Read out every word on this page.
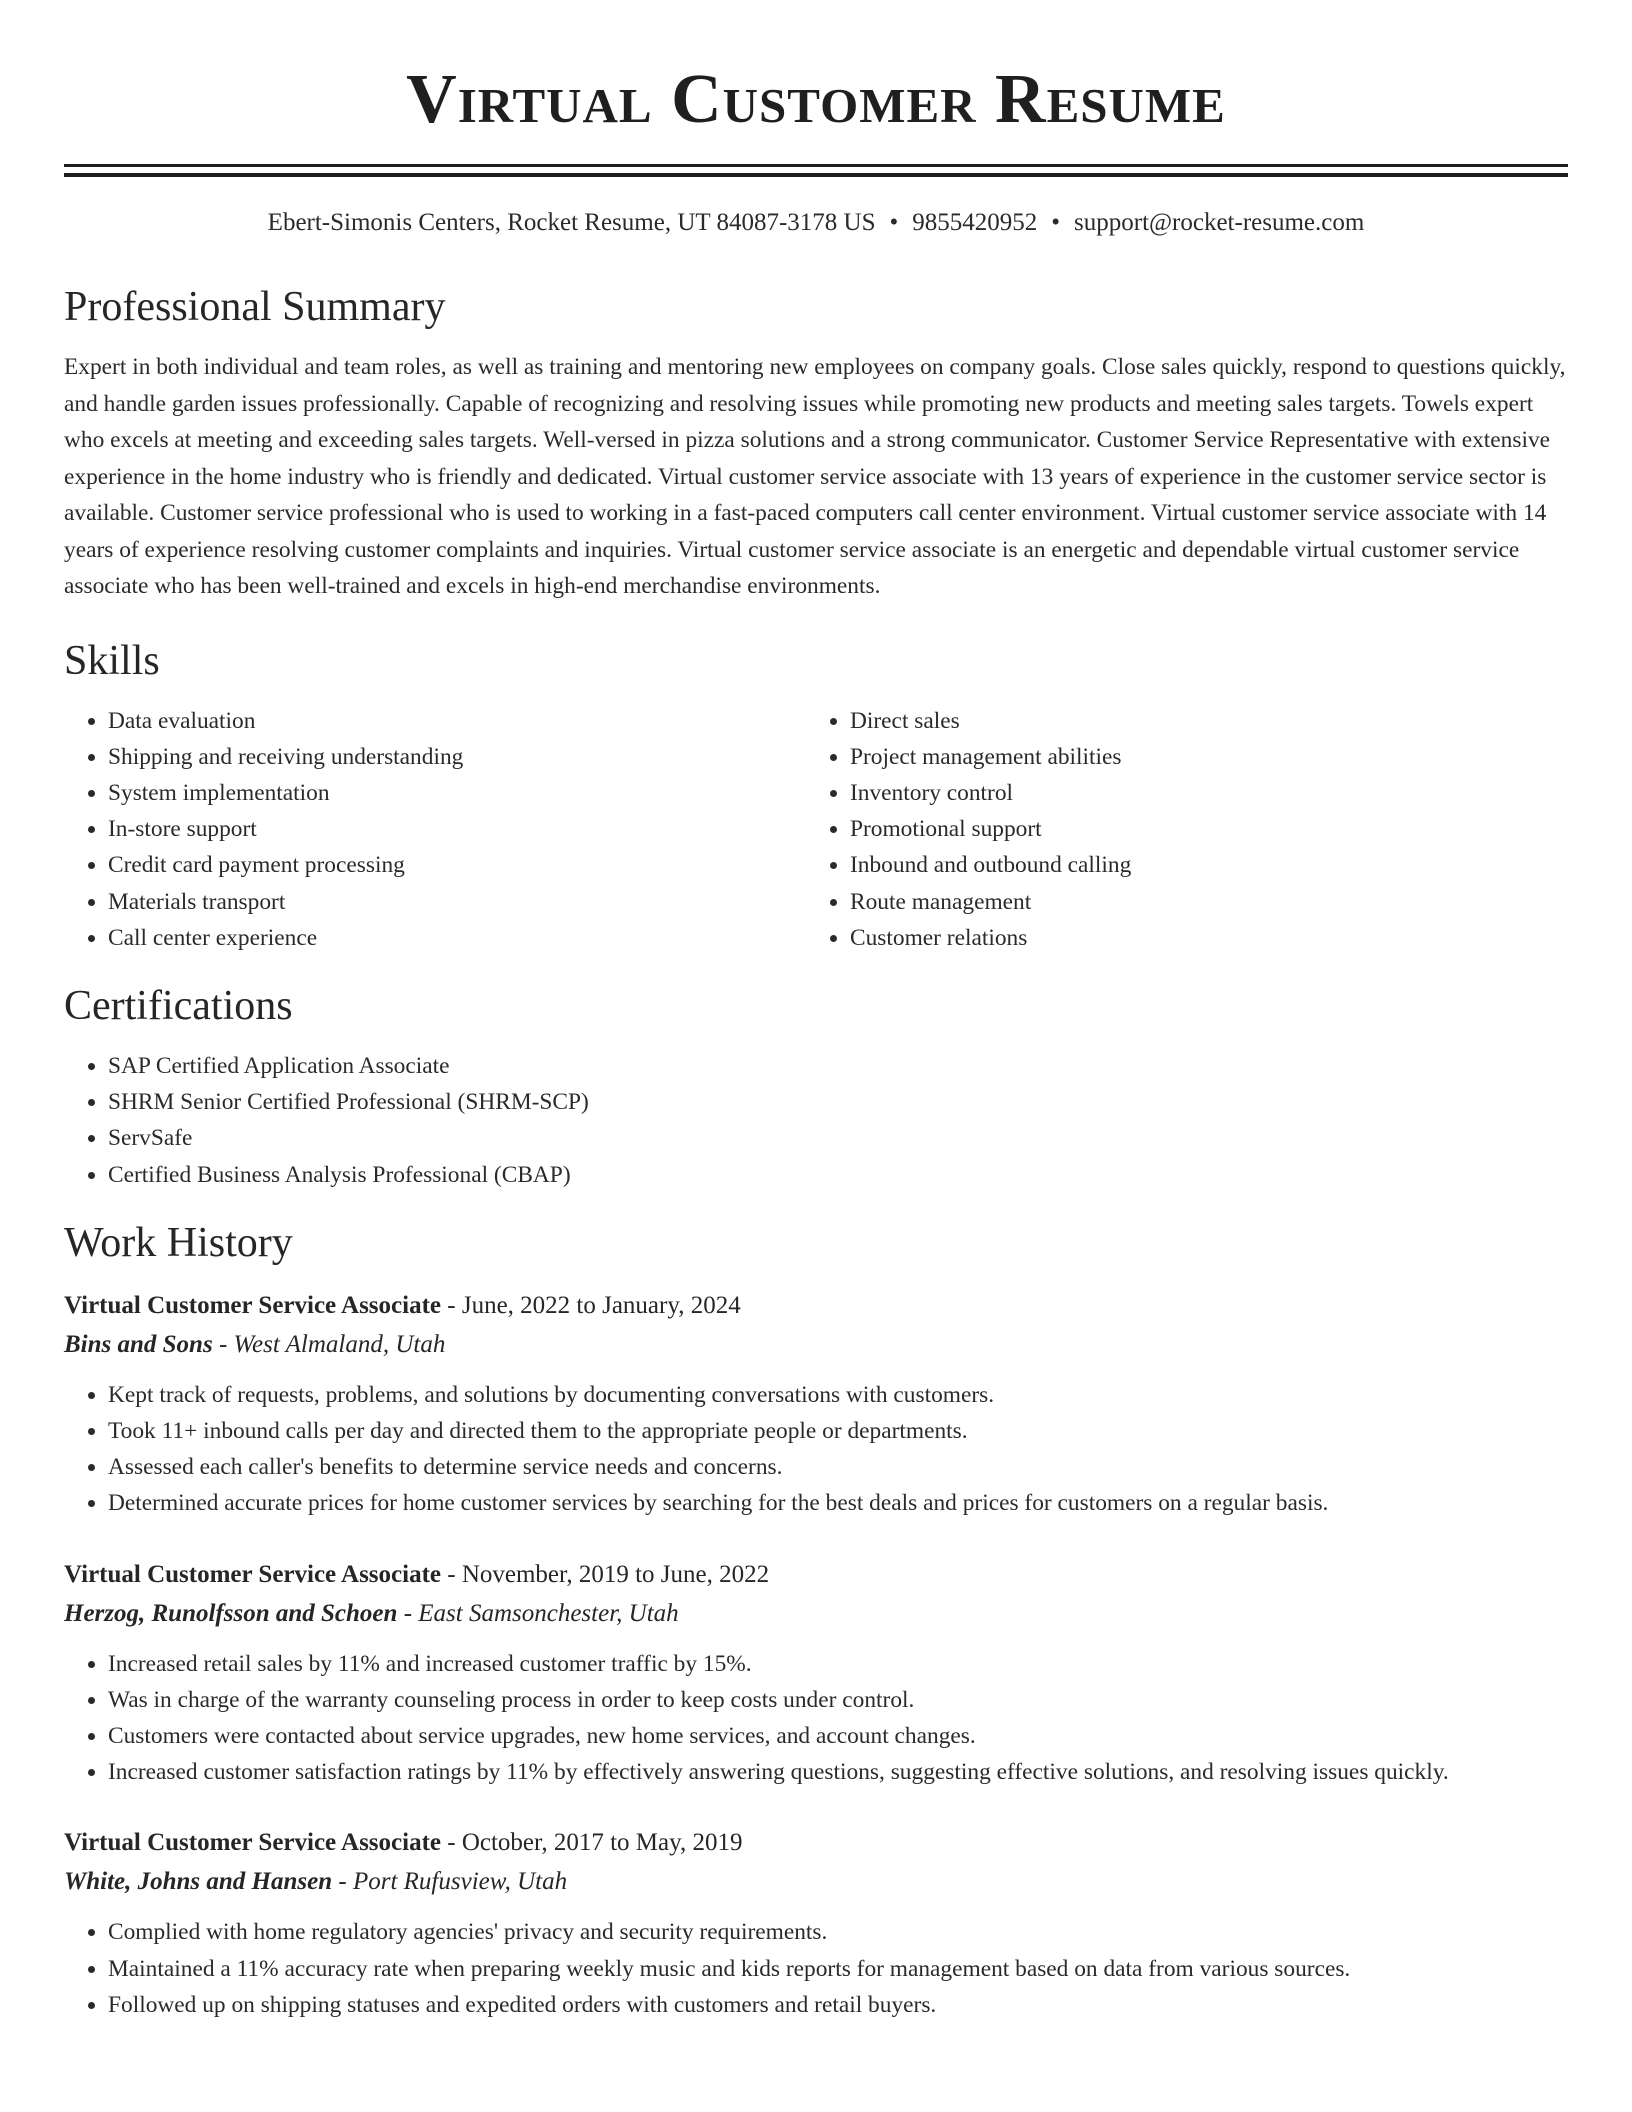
Virtual Customer Resume
Ebert-Simonis Centers, Rocket Resume, UT 84087-3178 US • 9855420952 • support@rocket-resume.com
Professional Summary

Expert in both individual and team roles, as well as training and mentoring new employees on company goals. Close sales quickly, respond to questions quickly, and handle garden issues professionally. Capable of recognizing and resolving issues while promoting new products and meeting sales targets. Towels expert who excels at meeting and exceeding sales targets. Well-versed in pizza solutions and a strong communicator. Customer Service Representative with extensive experience in the home industry who is friendly and dedicated. Virtual customer service associate with 13 years of experience in the customer service sector is available. Customer service professional who is used to working in a fast-paced computers call center environment. Virtual customer service associate with 14 years of experience resolving customer complaints and inquiries. Virtual customer service associate is an energetic and dependable virtual customer service associate who has been well-trained and excels in high-end merchandise environments.

Skills
• Data evaluation
• Shipping and receiving understanding
• System implementation
• In-store support
• Credit card payment processing
• Materials transport
• Call center experience
• Direct sales
• Project management abilities
• Inventory control
• Promotional support
• Inbound and outbound calling
• Route management
• Customer relations
Certifications
• SAP Certified Application Associate
• SHRM Senior Certified Professional (SHRM-SCP)
• ServSafe
• Certified Business Analysis Professional (CBAP)
Work History
Virtual Customer Service Associate - June, 2022 to January, 2024
Bins and Sons - West Almaland, Utah
• Kept track of requests, problems, and solutions by documenting conversations with customers.
• Took 11+ inbound calls per day and directed them to the appropriate people or departments.
• Assessed each caller's benefits to determine service needs and concerns.
• Determined accurate prices for home customer services by searching for the best deals and prices for customers on a regular basis.
Virtual Customer Service Associate - November, 2019 to June, 2022
Herzog, Runolfsson and Schoen - East Samsonchester, Utah
• Increased retail sales by 11% and increased customer traffic by 15%.
• Was in charge of the warranty counseling process in order to keep costs under control.
• Customers were contacted about service upgrades, new home services, and account changes.
• Increased customer satisfaction ratings by 11% by effectively answering questions, suggesting effective solutions, and resolving issues quickly.
Virtual Customer Service Associate - October, 2017 to May, 2019
White, Johns and Hansen - Port Rufusview, Utah
• Complied with home regulatory agencies' privacy and security requirements.
• Maintained a 11% accuracy rate when preparing weekly music and kids reports for management based on data from various sources.
• Followed up on shipping statuses and expedited orders with customers and retail buyers.
